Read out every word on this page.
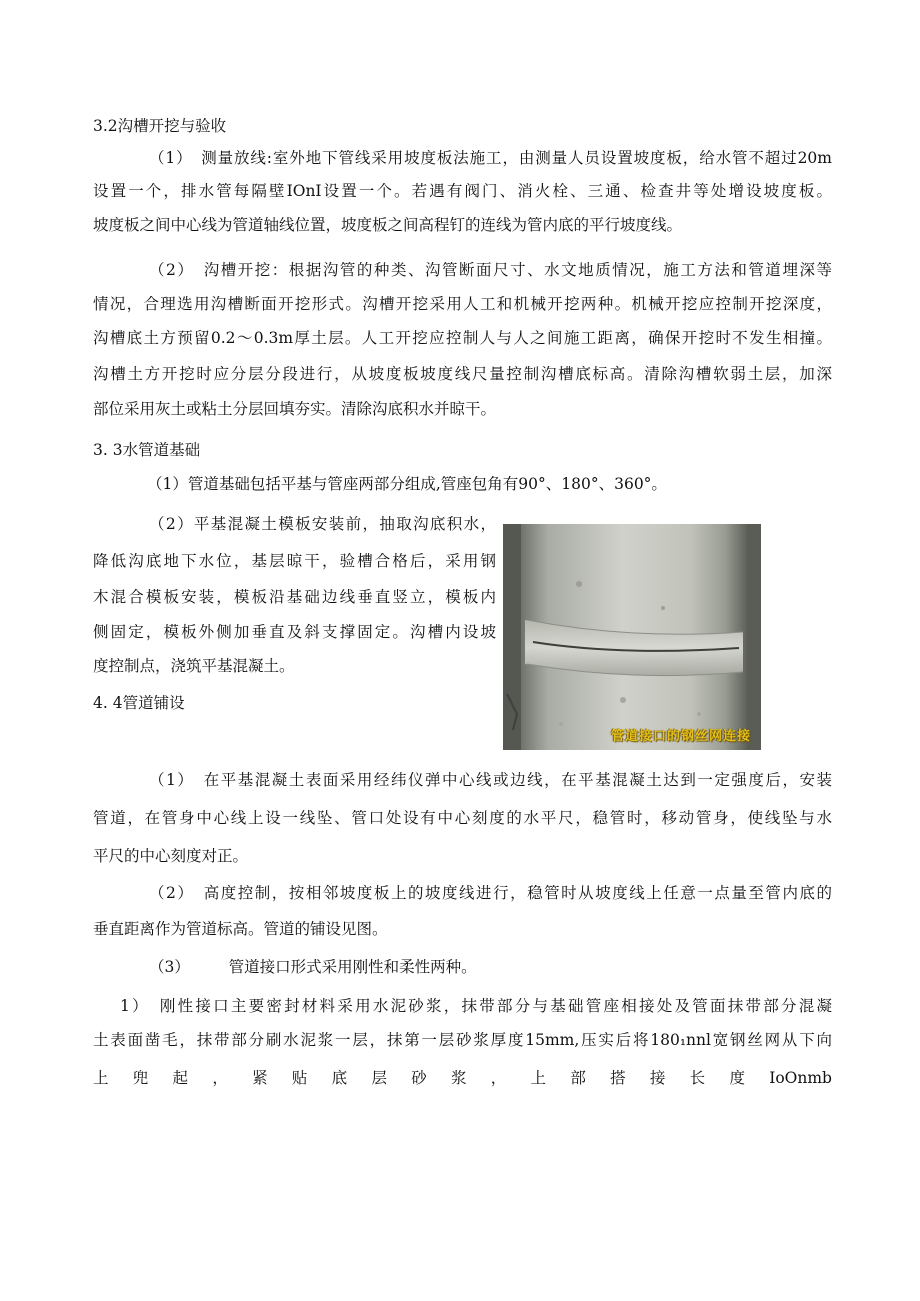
3.2沟槽开挖与验收
（1）　测量放线:室外地下管线采用坡度板法施工，由测量人员设置坡度板，给水管不超过20m
设置一个，排水管每隔壁IOnI设置一个。若遇有阀门、消火栓、三通、检查井等处增设坡度板。
坡度板之间中心线为管道轴线位置，坡度板之间高程钉的连线为管内底的平行坡度线。
（2）　沟槽开挖：根据沟管的种类、沟管断面尺寸、水文地质情况，施工方法和管道埋深等
情况，合理选用沟槽断面开挖形式。沟槽开挖采用人工和机械开挖两种。机械开挖应控制开挖深度，
沟槽底土方预留0.2～0.3m厚土层。人工开挖应控制人与人之间施工距离，确保开挖时不发生相撞。
沟槽土方开挖时应分层分段进行，从坡度板坡度线尺量控制沟槽底标高。清除沟槽软弱土层，加深
部位采用灰土或粘土分层回填夯实。清除沟底积水并晾干。
3. 3水管道基础
（1）管道基础包括平基与管座两部分组成,管座包角有90°、180°、360°。
（2）平基混凝土模板安装前，抽取沟底积水，
降低沟底地下水位，基层晾干，验槽合格后，采用钢
木混合模板安装，模板沿基础边线垂直竖立，模板内
侧固定，模板外侧加垂直及斜支撑固定。沟槽内设坡
度控制点，浇筑平基混凝土。
4. 4管道铺设
管道接口的钢丝网连接
（1）　在平基混凝土表面采用经纬仪弹中心线或边线，在平基混凝土达到一定强度后，安装
管道，在管身中心线上设一线坠、管口处设有中心刻度的水平尺，稳管时，移动管身，使线坠与水
平尺的中心刻度对正。
（2）　高度控制，按相邻坡度板上的坡度线进行，稳管时从坡度线上任意一点量至管内底的
垂直距离作为管道标高。管道的铺设见图。
（3）　　　管道接口形式采用刚性和柔性两种。
1）　刚性接口主要密封材料采用水泥砂浆，抹带部分与基础管座相接处及管面抹带部分混凝
土表面凿毛，抹带部分刷水泥浆一层，抹第一层砂浆厚度15mm,压实后将180₁nnl宽钢丝网从下向
上兜起，紧贴底层砂浆，上部搭接长度IoOnmb
